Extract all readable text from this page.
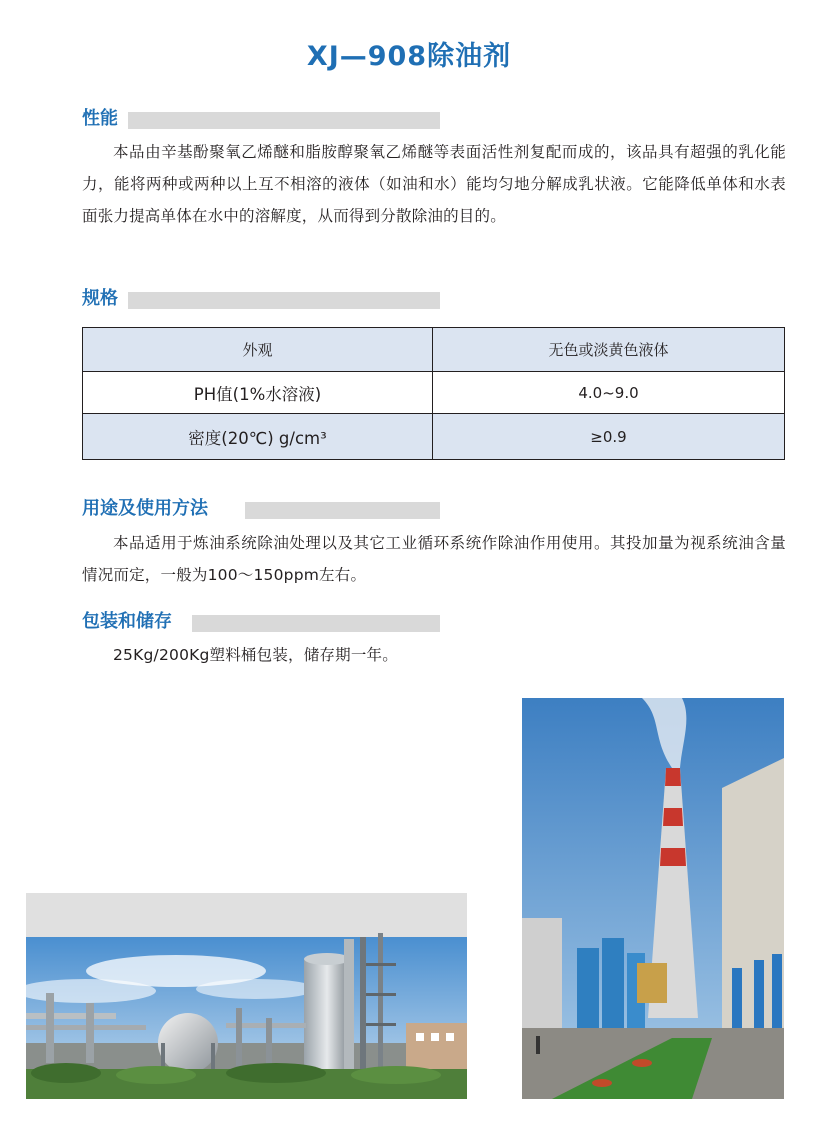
XJ—908除油剂
性能
本品由辛基酚聚氧乙烯醚和脂胺醇聚氧乙烯醚等表面活性剂复配而成的，该品具有超强的乳化能力，能将两种或两种以上互不相溶的液体（如油和水）能均匀地分解成乳状液。它能降低单体和水表面张力提高单体在水中的溶解度，从而得到分散除油的目的。
规格
外观	无色或淡黄色液体
PH值(1%水溶液)	4.0~9.0
密度(20℃) g/cm³	≥0.9
用途及使用方法
本品适用于炼油系统除油处理以及其它工业循环系统作除油作用使用。其投加量为视系统油含量情况而定，一般为100～150ppm左右。
包装和储存
25Kg/200Kg塑料桶包装，储存期一年。
